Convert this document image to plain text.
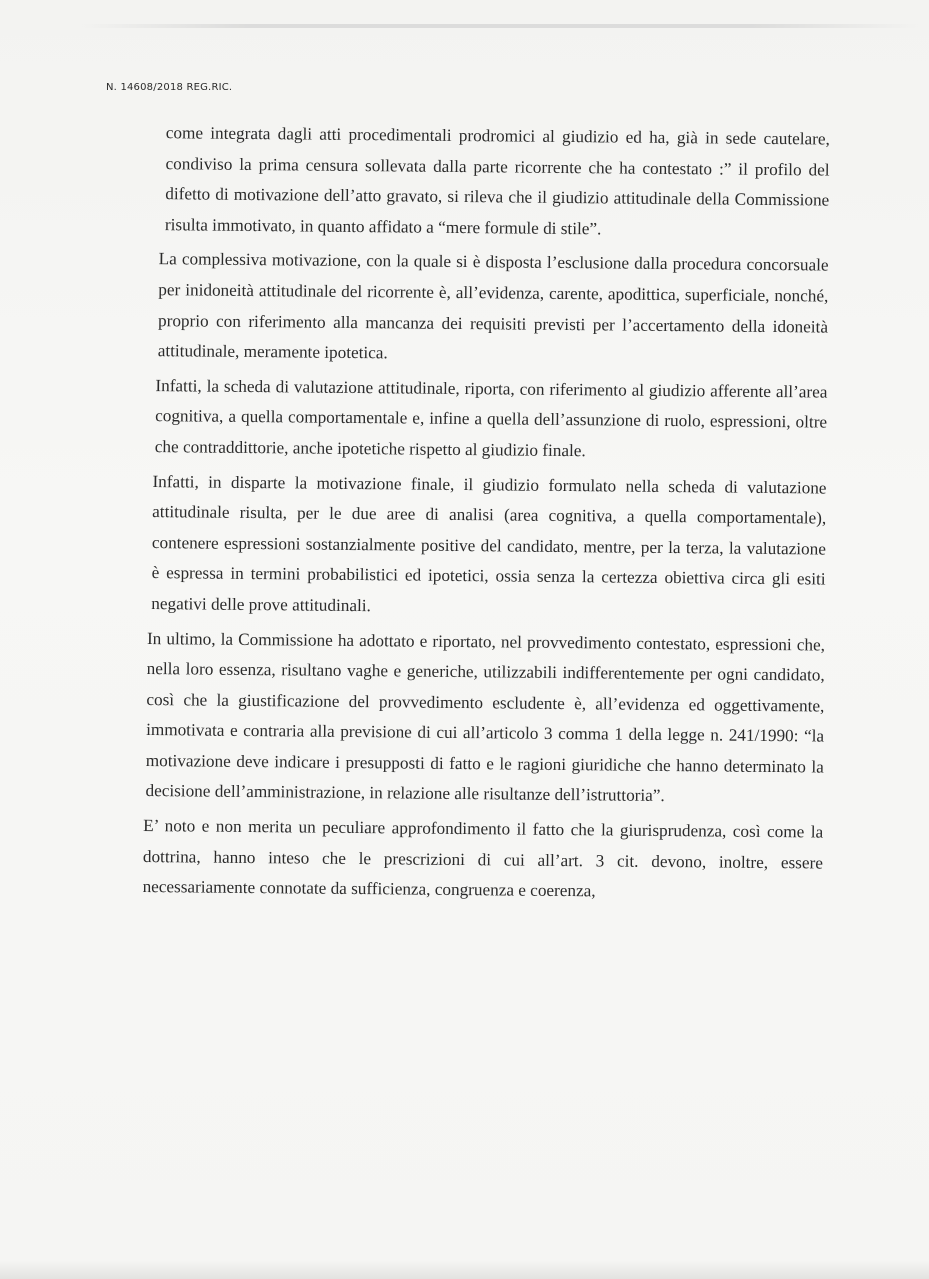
N. 14608/2018 REG.RIC.

come integrata dagli atti procedimentali prodromici al giudizio ed ha, già in sede cautelare, condiviso la prima censura sollevata dalla parte ricorrente che ha contestato :” il profilo del difetto di motivazione dell’atto gravato, si rileva che il giudizio attitudinale della Commissione risulta immotivato, in quanto affidato a “mere formule di stile”.

La complessiva motivazione, con la quale si è disposta l’esclusione dalla procedura concorsuale per inidoneità attitudinale del ricorrente è, all’evidenza, carente, apodittica, superficiale, nonché, proprio con riferimento alla mancanza dei requisiti previsti per l’accertamento della idoneità attitudinale, meramente ipotetica.

Infatti, la scheda di valutazione attitudinale, riporta, con riferimento al giudizio afferente all’area cognitiva, a quella comportamentale e, infine a quella dell’assunzione di ruolo, espressioni, oltre che contraddittorie, anche ipotetiche rispetto al giudizio finale.

Infatti, in disparte la motivazione finale, il giudizio formulato nella scheda di valutazione attitudinale risulta, per le due aree di analisi (area cognitiva, a quella comportamentale), contenere espressioni sostanzialmente positive del candidato, mentre, per la terza, la valutazione è espressa in termini probabilistici ed ipotetici, ossia senza la certezza obiettiva circa gli esiti negativi delle prove attitudinali.

In ultimo, la Commissione ha adottato e riportato, nel provvedimento contestato, espressioni che, nella loro essenza, risultano vaghe e generiche, utilizzabili indifferentemente per ogni candidato, così che la giustificazione del provvedimento escludente è, all’evidenza ed oggettivamente, immotivata e contraria alla previsione di cui all’articolo 3 comma 1 della legge n. 241/1990: “la motivazione deve indicare i presupposti di fatto e le ragioni giuridiche che hanno determinato la decisione dell’amministrazione, in relazione alle risultanze dell’istruttoria”.

E’ noto e non merita un peculiare approfondimento il fatto che la giurisprudenza, così come la dottrina, hanno inteso che le prescrizioni di cui all’art. 3 cit. devono, inoltre, essere necessariamente connotate da sufficienza, congruenza e coerenza,
